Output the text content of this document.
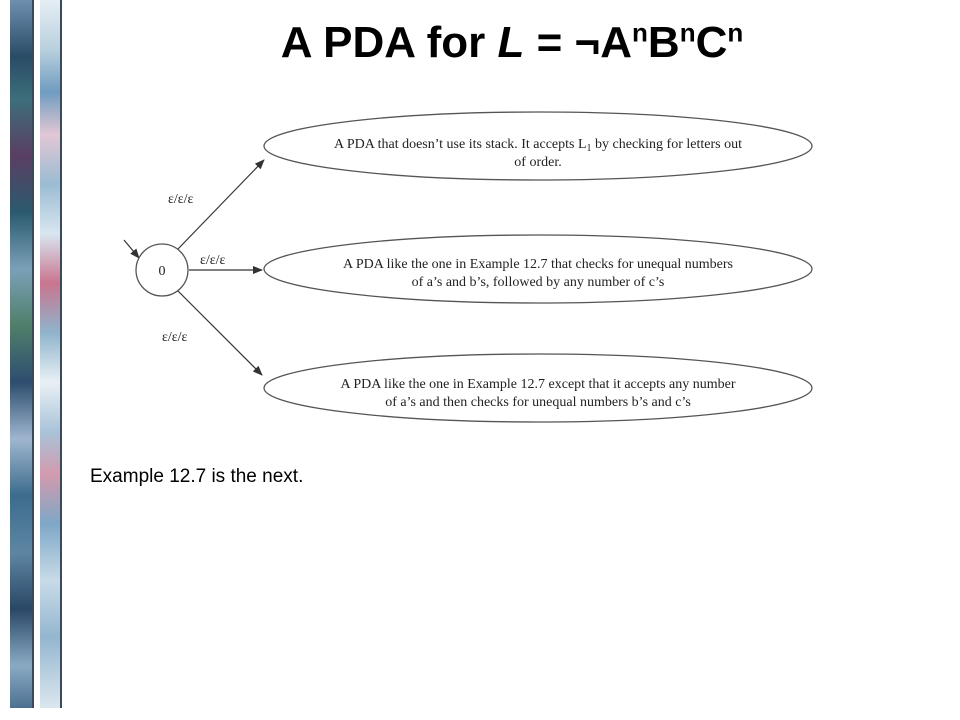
A PDA for $L = \neg A^nB^nC^n$
0
ε/ε/ε
ε/ε/ε
ε/ε/ε
A PDA that doesn’t use its stack. It accepts $L_1$ by checking for letters out
of order.
A PDA like the one in Example 12.7 that checks for unequal numbers
of a’s and b’s, followed by any number of c’s
A PDA like the one in Example 12.7 except that it accepts any number
of a’s and then checks for unequal numbers b’s and c’s
Example 12.7 is the next.
